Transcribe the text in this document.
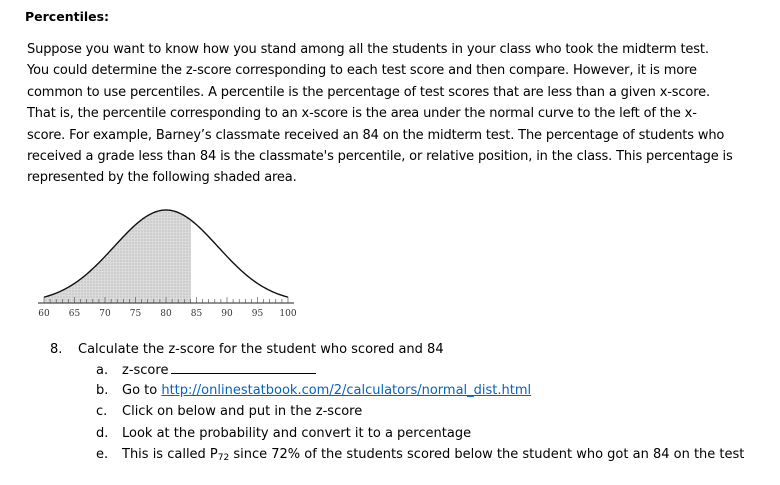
Percentiles:
Suppose you want to know how you stand among all the students in your class who took the midterm test.
You could determine the z-score corresponding to each test score and then compare. However, it is more
common to use percentiles. A percentile is the percentage of test scores that are less than a given x-score.
That is, the percentile corresponding to an x-score is the area under the normal curve to the left of the x-
score. For example, Barney’s classmate received an 84 on the midterm test. The percentage of students who
received a grade less than 84 is the classmate's percentile, or relative position, in the class. This percentage is
represented by the following shaded area.
60 65 70 75 80 85 90 95 100
8. Calculate the z-score for the student who scored and 84
a. z-score
b. Go to http://onlinestatbook.com/2/calculators/normal_dist.html
c. Click on below and put in the z-score
d. Look at the probability and convert it to a percentage
e. This is called P72 since 72% of the students scored below the student who got an 84 on the test
